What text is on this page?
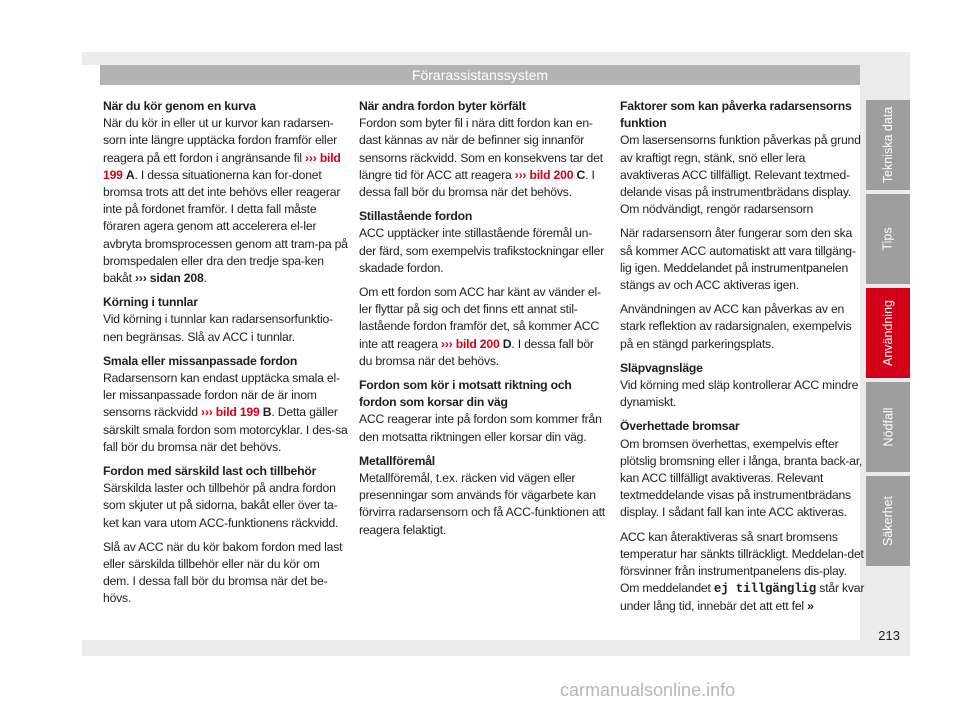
Förarassistanssystem
När du kör genom en kurva

När du kör in eller ut ur kurvor kan radarsen-sorn inte längre upptäcka fordon framför eller reagera på ett fordon i angränsande fil ››› bild 199 A. I dessa situationerna kan for-donet bromsa trots att det inte behövs eller reagerar inte på fordonet framför. I detta fall måste föraren agera genom att accelerera el-ler avbryta bromsprocessen genom att tram-pa på bromspedalen eller dra den tredje spa-ken bakåt ››› sidan 208.

Körning i tunnlar

Vid körning i tunnlar kan radarsensorfunktio-nen begränsas. Slå av ACC i tunnlar.

Smala eller missanpassade fordon

Radarsensorn kan endast upptäcka smala el-ler missanpassade fordon när de är inom sensorns räckvidd ››› bild 199 B. Detta gäller särskilt smala fordon som motorcyklar. I des-sa fall bör du bromsa när det behövs.

Fordon med särskild last och tillbehör

Särskilda laster och tillbehör på andra fordon som skjuter ut på sidorna, bakåt eller över ta-ket kan vara utom ACC-funktionens räckvidd.

Slå av ACC när du kör bakom fordon med last eller särskilda tillbehör eller när du kör om dem. I dessa fall bör du bromsa när det be-hövs.

När andra fordon byter körfält

Fordon som byter fil i nära ditt fordon kan en-dast kännas av när de befinner sig innanför sensorns räckvidd. Som en konsekvens tar det längre tid för ACC att reagera ››› bild 200 C. I dessa fall bör du bromsa när det behövs.

Stillastående fordon

ACC upptäcker inte stillastående föremål un-der färd, som exempelvis trafikstockningar eller skadade fordon.

Om ett fordon som ACC har känt av vänder el-ler flyttar på sig och det finns ett annat stil-lastående fordon framför det, så kommer ACC inte att reagera ››› bild 200 D. I dessa fall bör du bromsa när det behövs.

Fordon som kör i motsatt riktning och fordon som korsar din väg

ACC reagerar inte på fordon som kommer från den motsatta riktningen eller korsar din väg.

Metallföremål

Metallföremål, t.ex. räcken vid vägen eller presenningar som används för vägarbete kan förvirra radarsensorn och få ACC-funktionen att reagera felaktigt.

Faktorer som kan påverka radarsensorns funktion

Om lasersensorns funktion påverkas på grund av kraftigt regn, stänk, snö eller lera avaktiveras ACC tillfälligt. Relevant textmed-delande visas på instrumentbrädans display. Om nödvändigt, rengör radarsensorn

När radarsensorn åter fungerar som den ska så kommer ACC automatiskt att vara tillgäng-lig igen. Meddelandet på instrumentpanelen stängs av och ACC aktiveras igen.

Användningen av ACC kan påverkas av en stark reflektion av radarsignalen, exempelvis på en stängd parkeringsplats.

Släpvagnsläge

Vid körning med släp kontrollerar ACC mindre dynamiskt.

Överhettade bromsar

Om bromsen överhettas, exempelvis efter plötslig bromsning eller i långa, branta back-ar, kan ACC tillfälligt avaktiveras. Relevant textmeddelande visas på instrumentbrädans display. I sådant fall kan inte ACC aktiveras.

ACC kan återaktiveras så snart bromsens temperatur har sänkts tillräckligt. Meddelan-det försvinner från instrumentpanelens dis-play. Om meddelandet ej tillgänglig står kvar under lång tid, innebär det att ett fel »

Tekniska data
Tips
Användning
Nödfall
Säkerhet
213
carmanualsonline.info
